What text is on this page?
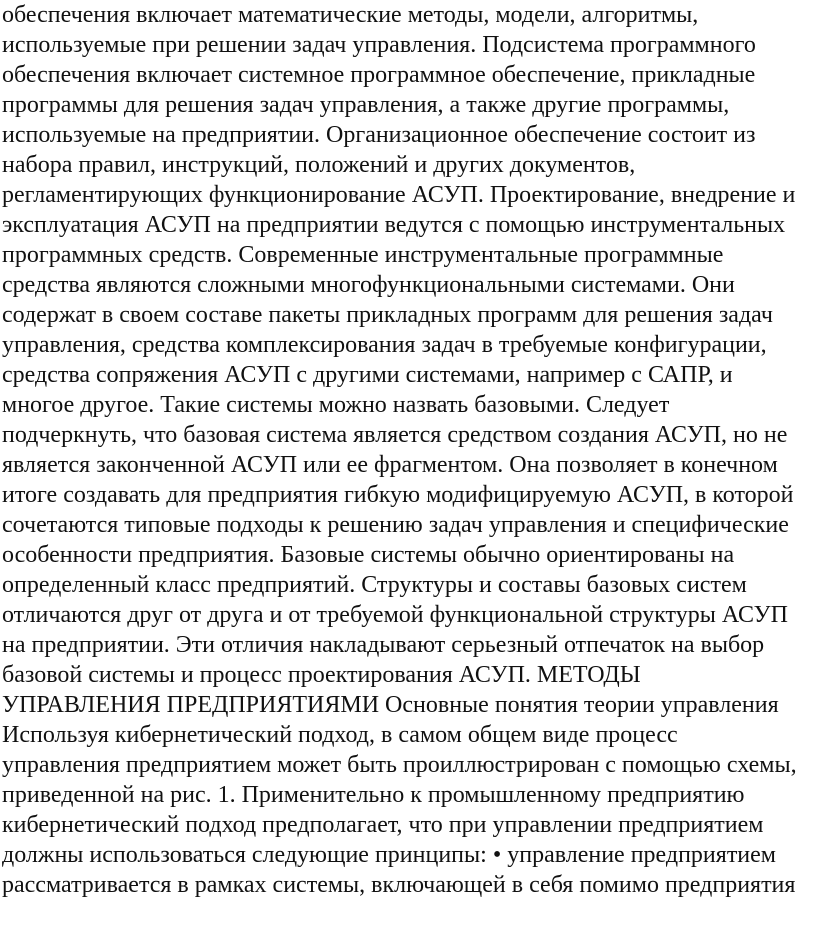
обеспечения включает математические методы, модели, алгоритмы,
используемые при решении задач управления. Подсистема программного
обеспечения включает системное программное обеспечение, прикладные
программы для решения задач управления, а также другие программы,
используемые на предприятии. Организационное обеспечение состоит из
набора правил, инструкций, положений и других документов,
регламентирующих функционирование АСУП. Проектирование, внедрение и
эксплуатация АСУП на предприятии ведутся с помощью инструментальных
программных средств. Современные инструментальные программные
средства являются сложными многофункциональными системами. Они
содержат в своем составе пакеты прикладных программ для решения задач
управления, средства комплексирования задач в требуемые конфигурации,
средства сопряжения АСУП с другими системами, например с САПР, и
многое другое. Такие системы можно назвать базовыми. Следует
подчеркнуть, что базовая система является средством создания АСУП, но не
является законченной АСУП или ее фрагментом. Она позволяет в конечном
итоге создавать для предприятия гибкую модифицируемую АСУП, в которой
сочетаются типовые подходы к решению задач управления и специфические
особенности предприятия. Базовые системы обычно ориентированы на
определенный класс предприятий. Структуры и составы базовых систем
отличаются друг от друга и от требуемой функциональной структуры АСУП
на предприятии. Эти отличия накладывают серьезный отпечаток на выбор
базовой системы и процесс проектирования АСУП. МЕТОДЫ
УПРАВЛЕНИЯ ПРЕДПРИЯТИЯМИ Основные понятия теории управления
Используя кибернетический подход, в самом общем виде процесс
управления предприятием может быть проиллюстрирован с помощью схемы,
приведенной на рис. 1. Применительно к промышленному предприятию
кибернетический подход предполагает, что при управлении предприятием
должны использоваться следующие принципы: • управление предприятием
рассматривается в рамках системы, включающей в себя помимо предприятия
